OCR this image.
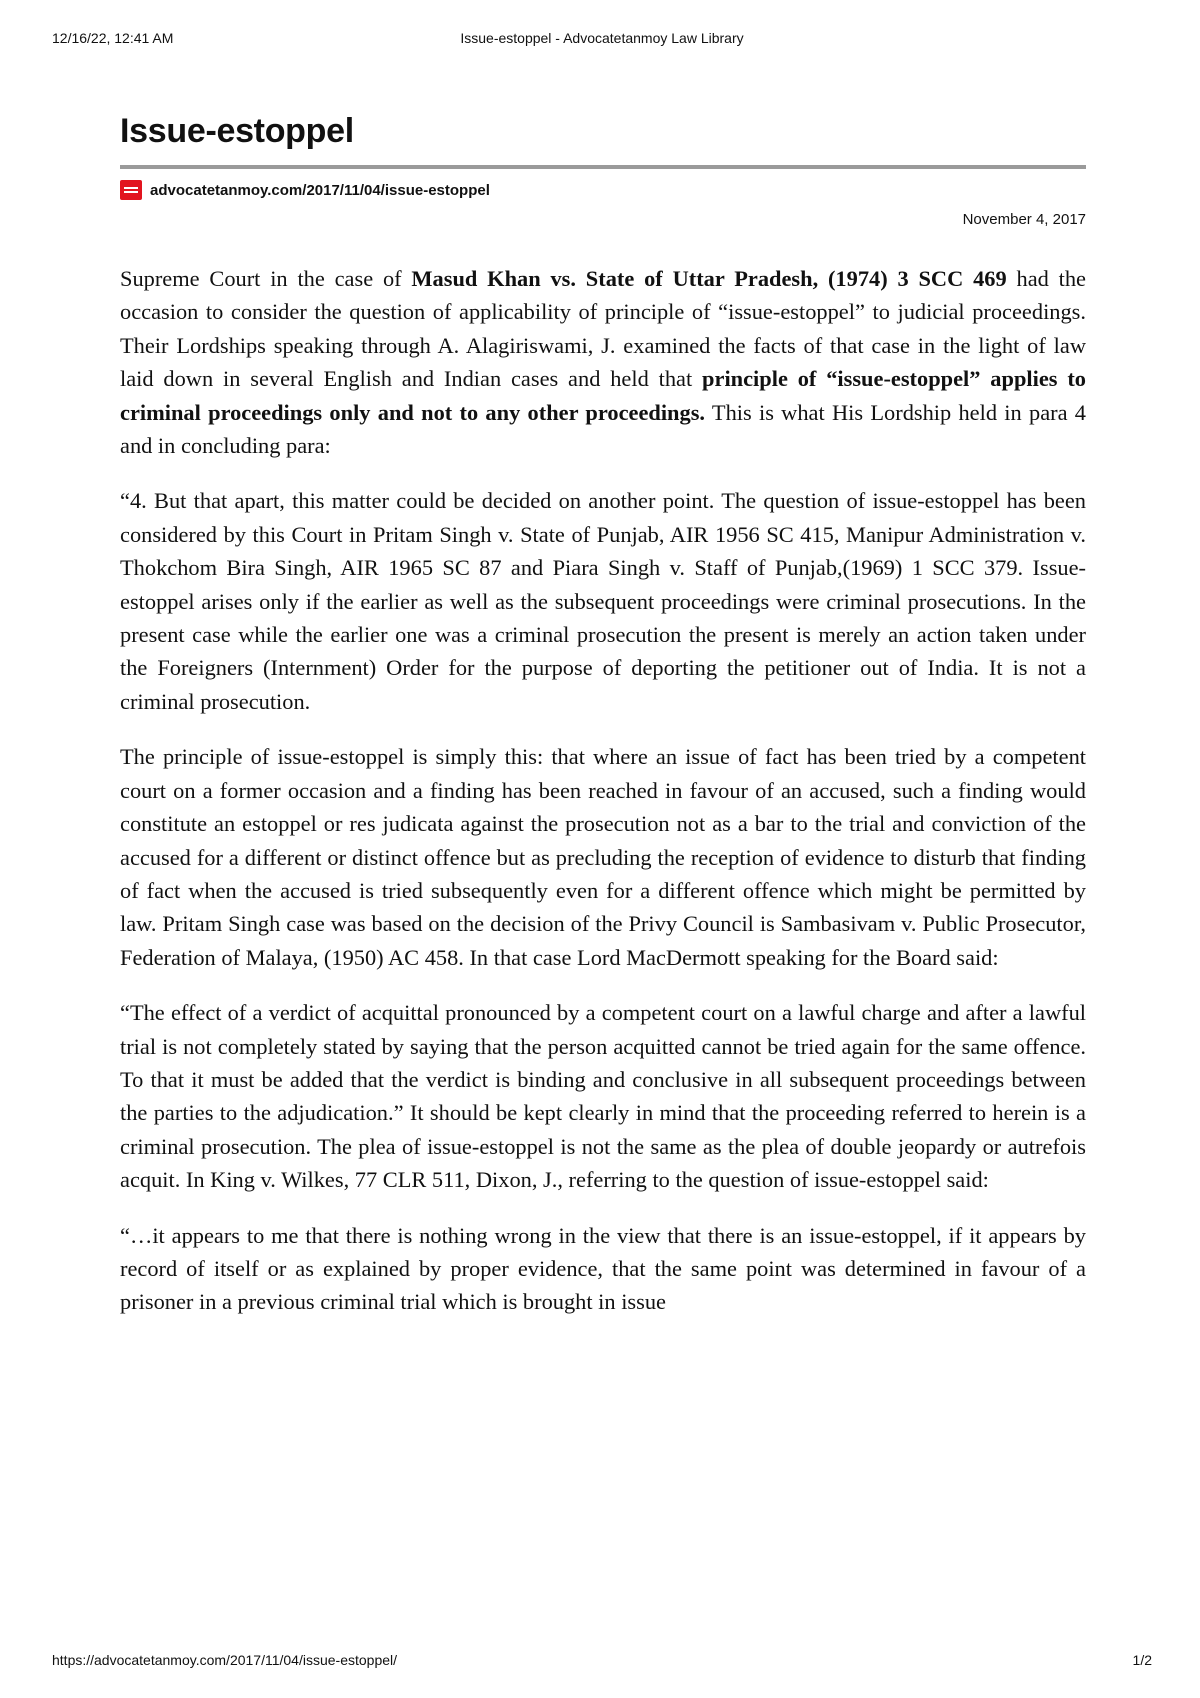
12/16/22, 12:41 AM	Issue-estoppel - Advocatetanmoy Law Library
Issue-estoppel
advocatetanmoy.com/2017/11/04/issue-estoppel
November 4, 2017

Supreme Court in the case of Masud Khan vs. State of Uttar Pradesh, (1974) 3 SCC 469 had the occasion to consider the question of applicability of principle of “issue-estoppel” to judicial proceedings. Their Lordships speaking through A. Alagiriswami, J. examined the facts of that case in the light of law laid down in several English and Indian cases and held that principle of “issue-estoppel” applies to criminal proceedings only and not to any other proceedings. This is what His Lordship held in para 4 and in concluding para:

“4. But that apart, this matter could be decided on another point. The question of issue-estoppel has been considered by this Court in Pritam Singh v. State of Punjab, AIR 1956 SC 415, Manipur Administration v. Thokchom Bira Singh, AIR 1965 SC 87 and Piara Singh v. Staff of Punjab,(1969) 1 SCC 379. Issue-estoppel arises only if the earlier as well as the subsequent proceedings were criminal prosecutions. In the present case while the earlier one was a criminal prosecution the present is merely an action taken under the Foreigners (Internment) Order for the purpose of deporting the petitioner out of India. It is not a criminal prosecution.

The principle of issue-estoppel is simply this: that where an issue of fact has been tried by a competent court on a former occasion and a finding has been reached in favour of an accused, such a finding would constitute an estoppel or res judicata against the prosecution not as a bar to the trial and conviction of the accused for a different or distinct offence but as precluding the reception of evidence to disturb that finding of fact when the accused is tried subsequently even for a different offence which might be permitted by law. Pritam Singh case was based on the decision of the Privy Council is Sambasivam v. Public Prosecutor, Federation of Malaya, (1950) AC 458. In that case Lord MacDermott speaking for the Board said:

“The effect of a verdict of acquittal pronounced by a competent court on a lawful charge and after a lawful trial is not completely stated by saying that the person acquitted cannot be tried again for the same offence. To that it must be added that the verdict is binding and conclusive in all subsequent proceedings between the parties to the adjudication.” It should be kept clearly in mind that the proceeding referred to herein is a criminal prosecution. The plea of issue-estoppel is not the same as the plea of double jeopardy or autrefois acquit. In King v. Wilkes, 77 CLR 511, Dixon, J., referring to the question of issue-estoppel said:

“…it appears to me that there is nothing wrong in the view that there is an issue-estoppel, if it appears by record of itself or as explained by proper evidence, that the same point was determined in favour of a prisoner in a previous criminal trial which is brought in issue

https://advocatetanmoy.com/2017/11/04/issue-estoppel/	1/2
